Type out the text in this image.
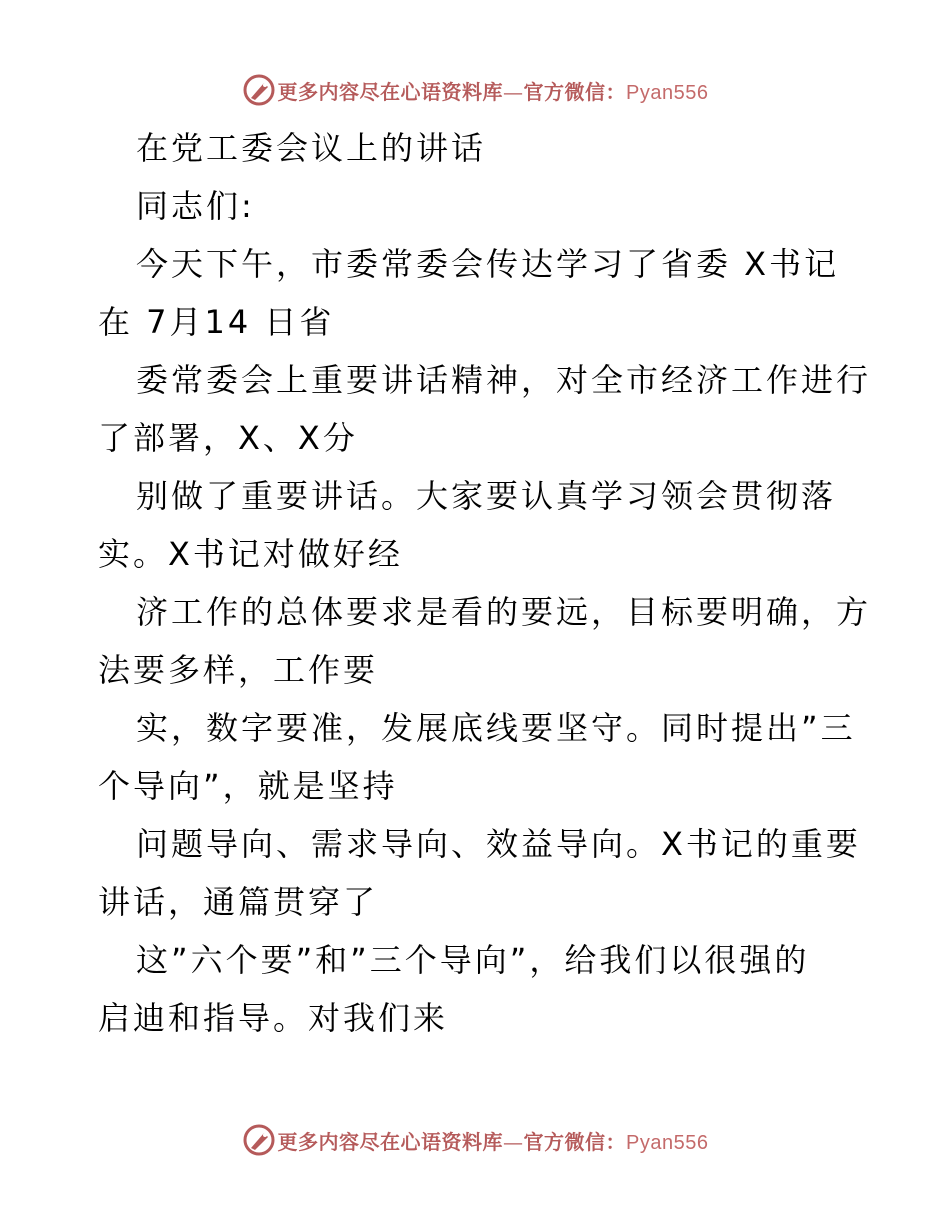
更多内容尽在心语资料库—官方微信：Pyan556
在党工委会议上的讲话
同志们:
今天下午，市委常委会传达学习了省委 X书记
在 7月14 日省
委常委会上重要讲话精神，对全市经济工作进行
了部署，X、X分
别做了重要讲话。大家要认真学习领会贯彻落
实。X书记对做好经
济工作的总体要求是看的要远，目标要明确，方
法要多样，工作要
实，数字要准，发展底线要坚守。同时提出”三
个导向”，就是坚持
问题导向、需求导向、效益导向。X书记的重要
讲话，通篇贯穿了
这”六个要”和”三个导向”，给我们以很强的
启迪和指导。对我们来
更多内容尽在心语资料库—官方微信：Pyan556
